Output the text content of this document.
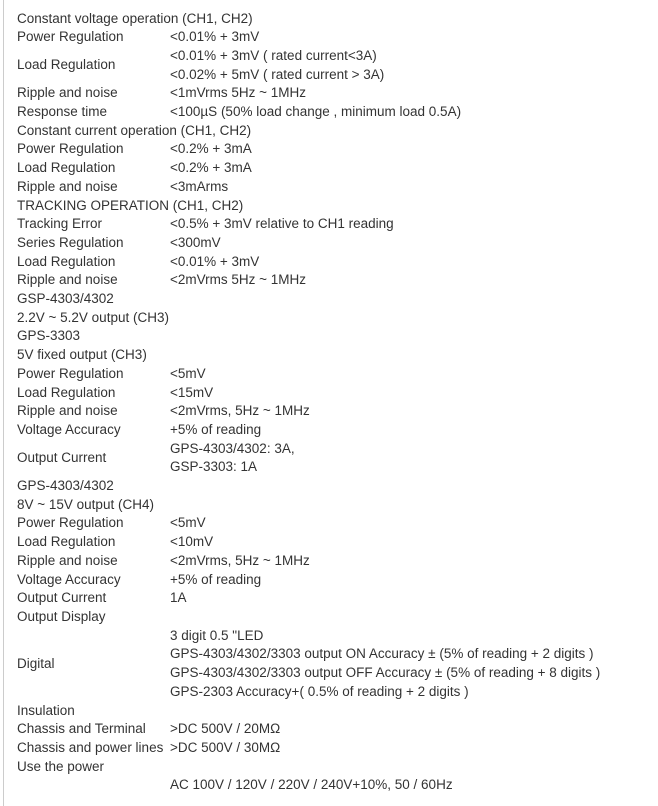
Constant voltage operation (CH1, CH2)	
Power Regulation	<0.01% + 3mV

Load Regulation	<0.01% + 3mV ( rated current<3A)
<0.02% + 5mV ( rated current > 3A)

Ripple and noise	<1mVrms 5Hz ~ 1MHz

Response time	<100µS (50% load change , minimum load 0.5A)

Constant current operation (CH1, CH2)	
Power Regulation	<0.2% + 3mA

Load Regulation	<0.2% + 3mA

Ripple and noise	<3mArms

TRACKING OPERATION (CH1, CH2)	
Tracking Error	<0.5% + 3mV relative to CH1 reading

Series Regulation	<300mV

Load Regulation	<0.01% + 3mV

Ripple and noise	<2mVrms 5Hz ~ 1MHz

GSP-4303/4302	
2.2V ~ 5.2V output (CH3)	
GPS-3303	
5V fixed output (CH3)	
Power Regulation	<5mV

Load Regulation	<15mV

Ripple and noise	<2mVrms, 5Hz ~ 1MHz

Voltage Accuracy	+5% of reading

Output Current	GPS-4303/4302: 3A,
GSP-3303: 1A

GPS-4303/4302	
8V ~ 15V output (CH4)	
Power Regulation	<5mV

Load Regulation	<10mV

Ripple and noise	<2mVrms, 5Hz ~ 1MHz

Voltage Accuracy	+5% of reading

Output Current	1A

Output Display	
Digital	3 digit 0.5 "LED
GPS-4303/4302/3303 output ON Accuracy ± (5% of reading + 2 digits )
GPS-4303/4302/3303 output OFF Accuracy ± (5% of reading + 8 digits )
GPS-2303 Accuracy+( 0.5% of reading + 2 digits )

Insulation	
Chassis and Terminal	>DC 500V / 20MΩ

Chassis and power lines	>DC 500V / 30MΩ

Use the power	

	AC 100V / 120V / 220V / 240V+10%, 50 / 60Hz
